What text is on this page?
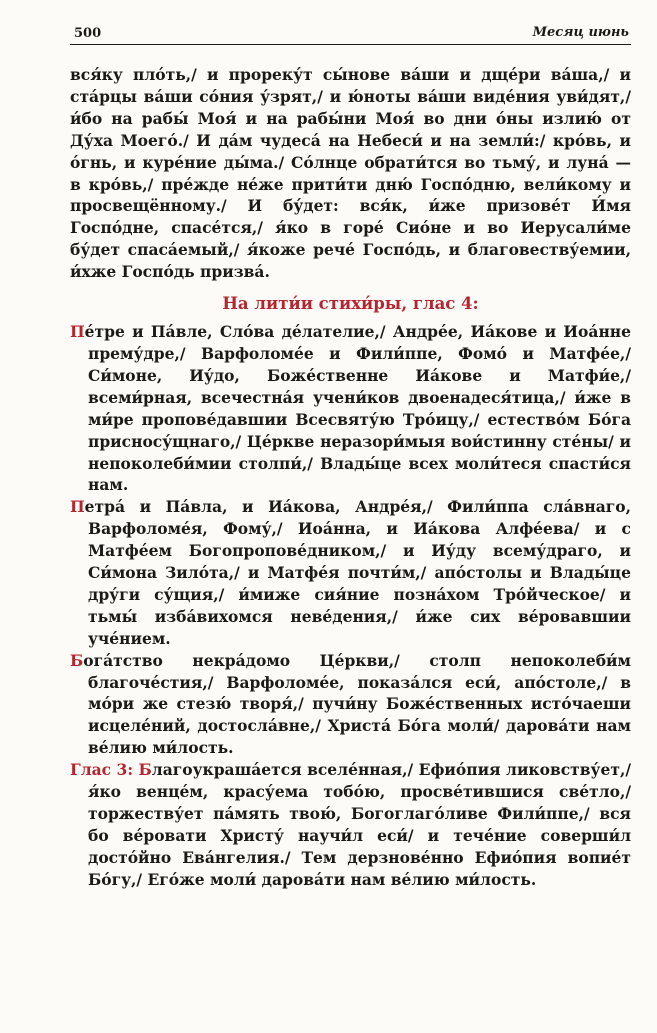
500	Месяц июнь

вся́ку пло́ть,/ и прореку́т сы́нове ва́ши и дще́ри ва́ша,/ и ста́рцы ва́ши со́ния у́зрят,/ и ю́ноты ва́ши виде́ния уви́дят,/ и́бо на рабы́ Моя́ и на рабы́ни Моя́ во дни о́ны излию́ от Ду́ха Моего́./ И да́м чудеса́ на Небеси́ и на земли́:/ кро́вь, и о́гнь, и куре́ние ды́ма./ Со́лнце обрати́тся во тьму́, и луна́ — в кро́вь,/ пре́жде не́же прити́ти дню́ Госпо́дню, вели́кому и просвещённому./ И бу́дет: вся́к, и́же призове́т И́мя Госпо́дне, спасе́тся,/ я́ко в горе́ Сио́не и во Иерусали́ме бу́дет спаса́емый,/ я́коже рече́ Госпо́дь, и благовеству́емии, и́хже Госпо́дь призва́.

На лити́и стихи́ры, глас 4:

Пе́тре и Па́вле, Сло́ва де́лателие,/ Андре́е, Иа́кове и Иоа́нне прему́дре,/ Варфоломе́е и Фили́ппе, Фомо́ и Матфе́е,/ Си́моне, Иу́до, Боже́ственне Иа́кове и Матфи́е,/ всеми́рная, всечестна́я учени́ков двоенадеся́тица,/ и́же в ми́ре пропове́давшии Всесвяту́ю Тро́ицу,/ естество́м Бо́га присносу́щнаго,/ Це́ркве неразори́мыя вои́стинну сте́ны/ и непоколеби́мии столпи́,/ Влады́це всех моли́теся спасти́ся нам.

Петра́ и Па́вла, и Иа́кова, Андре́я,/ Фили́ппа сла́внаго, Варфоломе́я, Фому́,/ Иоа́нна, и Иа́кова Алфе́ева/ и с Матфе́ем Богопропове́дником,/ и Иу́ду всему́драго, и Си́мона Зило́та,/ и Матфе́я почти́м,/ апо́столы и Влады́це дру́ги су́щия,/ и́миже сия́ние позна́хом Тро́йческое/ и тьмы́ изба́вихомся неве́дения,/ и́же сих ве́ровавшии уче́нием.

Бога́тство некра́домо Це́ркви,/ столп непоколеби́м благоче́стия,/ Варфоломе́е, показа́лся еси́, апо́столе,/ в мо́ри же стезю́ творя́,/ пучи́ну Боже́ственных исто́чаеши исцеле́ний, достосла́вне,/ Христа́ Бо́га моли́/ дарова́ти нам ве́лию ми́лость.

Глас 3: Благоукраша́ется вселе́нная,/ Ефио́пия ликовству́ет,/ я́ко венце́м, красу́ема тобо́ю, просве́тившися све́тло,/ торжеству́ет па́мять твою́, Богоглаго́ливе Фили́ппе,/ вся бо ве́ровати Христу́ научи́л еси́/ и тече́ние соверши́л досто́йно Ева́нгелия./ Тем дерзнове́нно Ефио́пия вопие́т Бо́гу,/ Его́же моли́ дарова́ти нам ве́лию ми́лость.
